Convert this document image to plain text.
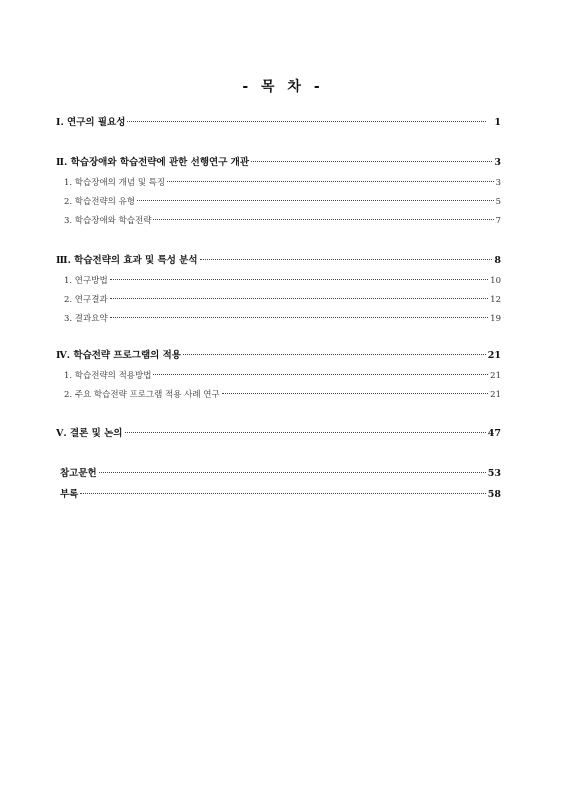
- 목 차 -
Ⅰ. 연구의 필요성	1
Ⅱ. 학습장애와 학습전략에 관한 선행연구 개관	3
1. 학습장애의 개념 및 특징	3
2. 학습전략의 유형	5
3. 학습장애와 학습전략	7
Ⅲ. 학습전략의 효과 및 특성 분석	8
1. 연구방법	10
2. 연구결과	12
3. 결과요약	19
Ⅳ. 학습전략 프로그램의 적용	21
1. 학습전략의 적용방법	21
2. 주요 학습전략 프로그램 적용 사례 연구	21
Ⅴ. 결론 및 논의	47
참고문헌	53
부록	58
